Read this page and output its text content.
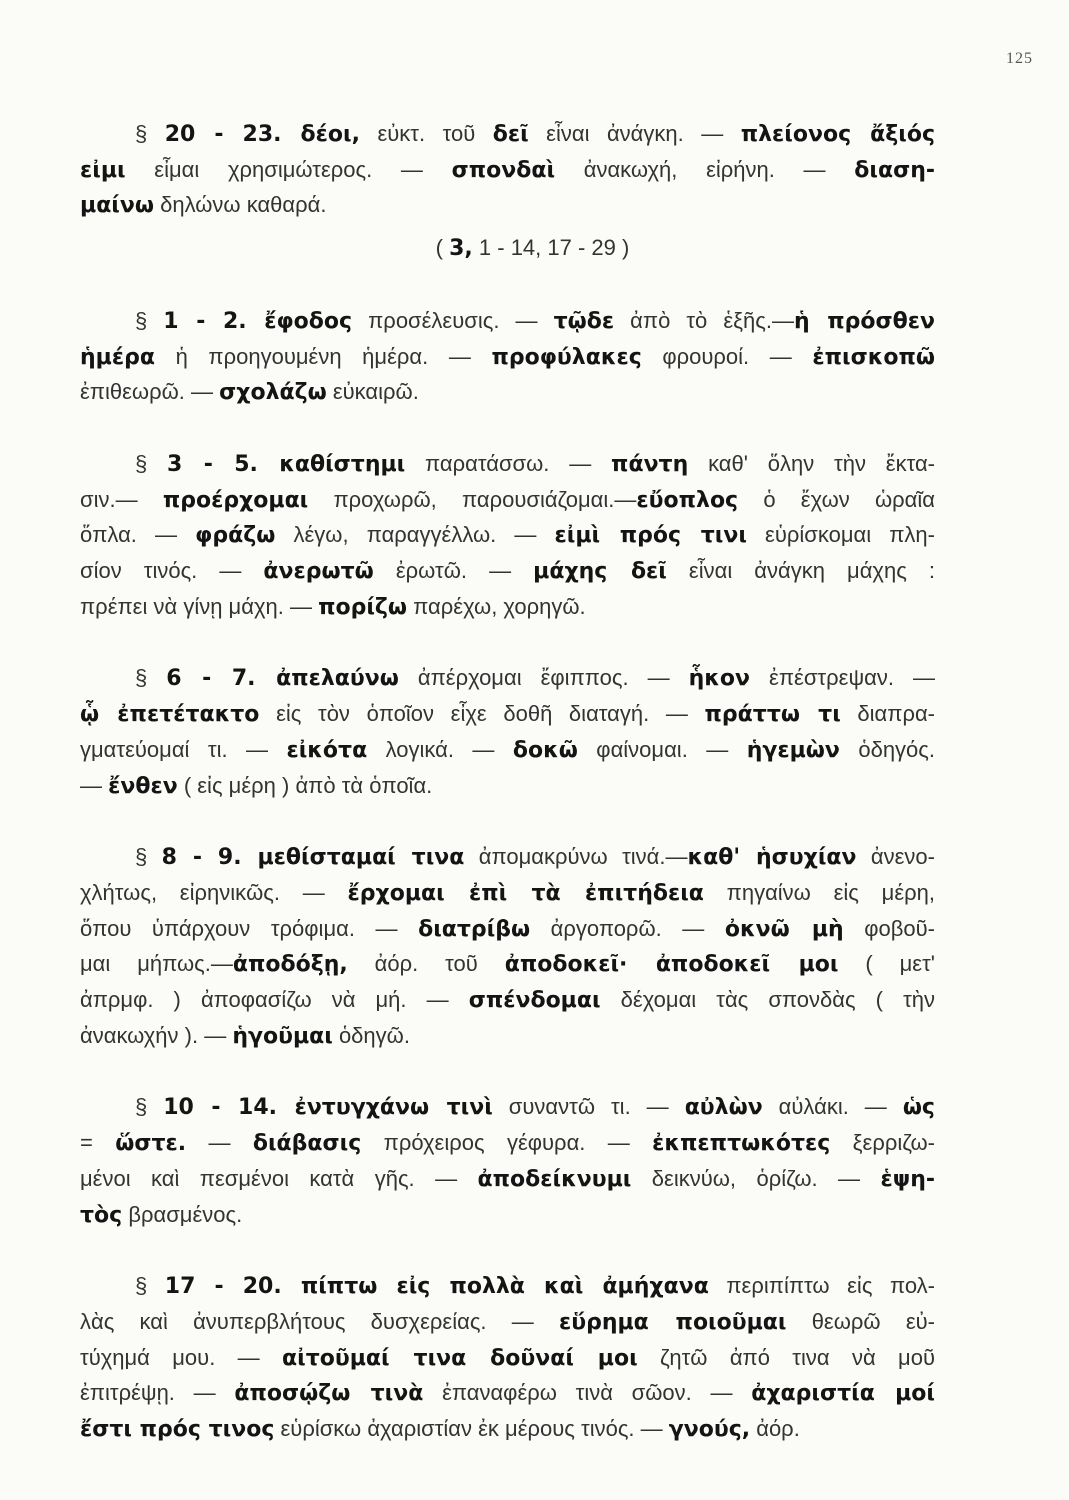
125
§ 20 - 23. δέοι, εὐκτ. τοῦ δεῖ εἶναι ἀνάγκη. — πλείονος ἄξιός
εἰμι εἶμαι χρησιμώτερος. — σπονδαὶ ἀνακωχή, εἰρήνη. — διαση-
μαίνω δηλώνω καθαρά.
( 3, 1 - 14, 17 - 29 )
§ 1 - 2. ἔφοδος προσέλευσις. — τῷδε ἀπὸ τὸ ἑξῆς.—ἡ πρόσθεν
ἡμέρα ἡ προηγουμένη ἡμέρα. — προφύλακες φρουροί. — ἐπισκοπῶ
ἐπιθεωρῶ. — σχολάζω εὐκαιρῶ.
§ 3 - 5. καθίστημι παρατάσσω. — πάντη καθ' ὅλην τὴν ἔκτα-
σιν.— προέρχομαι προχωρῶ, παρουσιάζομαι.—εὔοπλος ὁ ἔχων ὡραῖα
ὅπλα. — φράζω λέγω, παραγγέλλω. — εἰμὶ πρός τινι εὑρίσκομαι πλη-
σίον τινός. — ἀνερωτῶ ἐρωτῶ. — μάχης δεῖ εἶναι ἀνάγκη μάχης :
πρέπει νὰ γίνῃ μάχη. — πορίζω παρέχω, χορηγῶ.
§ 6 - 7. ἀπελαύνω ἀπέρχομαι ἔφιππος. — ἧκον ἐπέστρεψαν. —
ᾧ ἐπετέτακτο εἰς τὸν ὁποῖον εἶχε δοθῆ διαταγή. — πράττω τι διαπρα-
γματεύομαί τι. — εἰκότα λογικά. — δοκῶ φαίνομαι. — ἡγεμὼν ὁδηγός.
— ἔνθεν ( εἰς μέρη ) ἀπὸ τὰ ὁποῖα.
§ 8 - 9. μεθίσταμαί τινα ἀπομακρύνω τινά.—καθ' ἡσυχίαν ἀνενο-
χλήτως, εἰρηνικῶς. — ἔρχομαι ἐπὶ τὰ ἐπιτήδεια πηγαίνω εἰς μέρη,
ὅπου ὑπάρχουν τρόφιμα. — διατρίβω ἀργοπορῶ. — ὀκνῶ μὴ φοβοῦ-
μαι μήπως.—ἀποδόξῃ, ἀόρ. τοῦ ἀποδοκεῖ· ἀποδοκεῖ μοι ( μετ'
ἀπρμφ. ) ἀποφασίζω νὰ μή. — σπένδομαι δέχομαι τὰς σπονδὰς ( τὴν
ἀνακωχήν ). — ἡγοῦμαι ὁδηγῶ.
§ 10 - 14. ἐντυγχάνω τινὶ συναντῶ τι. — αὐλὼν αὐλάκι. — ὡς
= ὥστε. — διάβασις πρόχειρος γέφυρα. — ἐκπεπτωκότες ξερριζω-
μένοι καὶ πεσμένοι κατὰ γῆς. — ἀποδείκνυμι δεικνύω, ὁρίζω. — ἑψη-
τὸς βρασμένος.
§ 17 - 20. πίπτω εἰς πολλὰ καὶ ἀμήχανα περιπίπτω εἰς πολ-
λὰς καὶ ἀνυπερβλήτους δυσχερείας. — εὕρημα ποιοῦμαι θεωρῶ εὐ-
τύχημά μου. — αἰτοῦμαί τινα δοῦναί μοι ζητῶ ἀπό τινα νὰ μοῦ
ἐπιτρέψῃ. — ἀποσῴζω τινὰ ἐπαναφέρω τινὰ σῶον. — ἀχαριστία μοί
ἔστι πρός τινος εὑρίσκω ἀχαριστίαν ἐκ μέρους τινός. — γνούς, ἀόρ.
